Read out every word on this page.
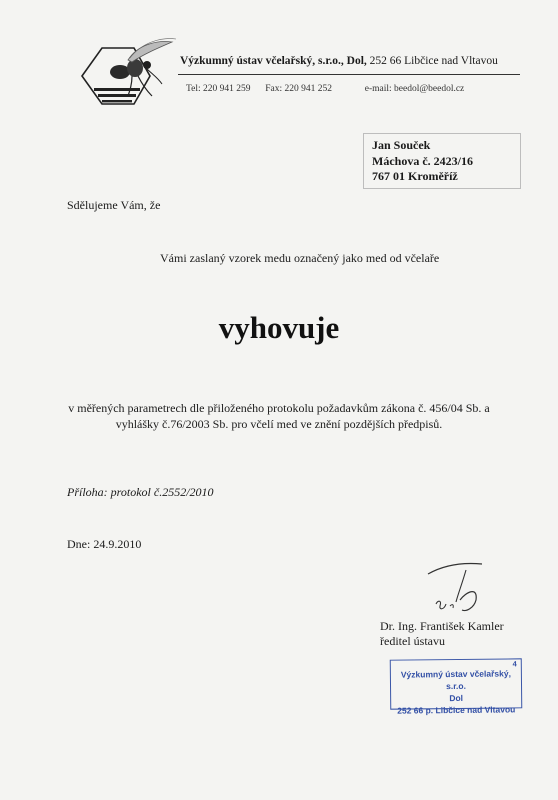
Výzkumný ústav včelařský, s.r.o., Dol, 252 66 Libčice nad Vltavou
Tel: 220 941 259 Fax: 220 941 252	e-mail: beedol@beedol.cz
Jan Souček
Máchova č. 2423/16
767 01 Kroměříž
Sdělujeme Vám, že
Vámi zaslaný vzorek medu označený jako med od včelaře
vyhovuje
v měřených parametrech dle přiloženého protokolu požadavkům zákona č. 456/04 Sb. a
vyhlášky č.76/2003 Sb. pro včelí med ve znění pozdějších předpisů.
Příloha: protokol č.2552/2010
Dne: 24.9.2010
Dr. Ing. František Kamler
ředitel ústavu
4
Výzkumný ústav včelařský, s.r.o.
Dol
252 66 p. Libčice nad Vltavou
